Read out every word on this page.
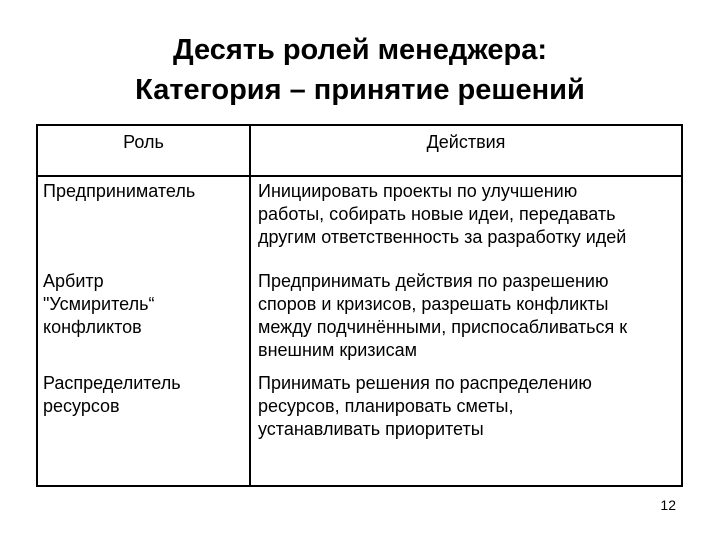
Десять ролей менеджера:
Категория – принятие решений
Роль	Действия
Предприниматель	Инициировать проекты по улучшению
работы, собирать новые идеи, передавать
другим ответственность за разработку идей
Арбитр
"Усмиритель“
конфликтов
Предпринимать действия по разрешению
споров и кризисов, разрешать конфликты
между подчинёнными, приспосабливаться к
внешним кризисам
Распределитель
ресурсов
Принимать решения по распределению
ресурсов, планировать сметы,
устанавливать приоритеты
12
